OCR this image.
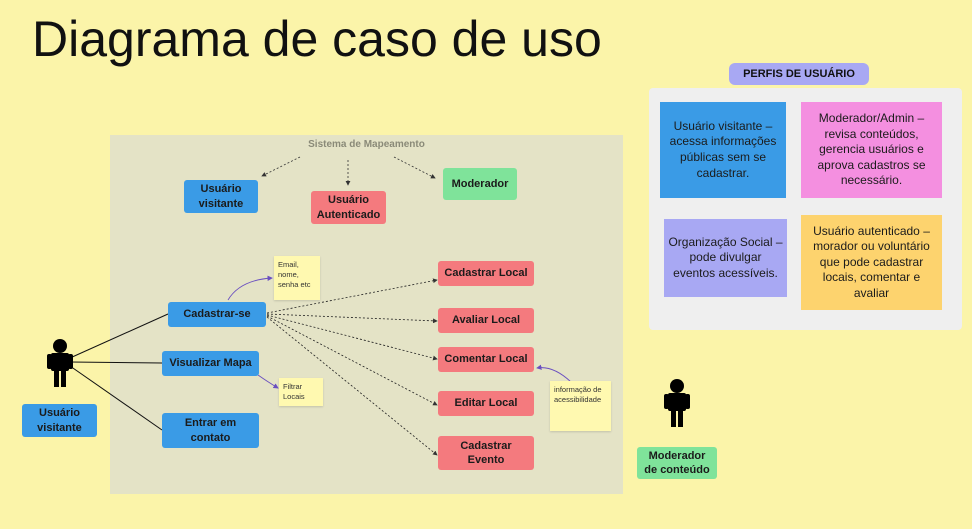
Diagrama de caso de uso
Sistema de Mapeamento
Usuário visitante	Usuário Autenticado
Moderador
Cadastrar-se
Visualizar Mapa
Entrar em contato
Cadastrar Local
Avaliar Local
Comentar Local
Editar Local
Cadastrar Evento
Email, nome, senha etc
Filtrar Locais
informação de acessibilidade
Usuário visitante
Moderador de conteúdo
PERFIS DE USUÁRIO
Usuário visitante – acessa informações públicas sem se cadastrar.
Moderador/Admin – revisa conteúdos, gerencia usuários e aprova cadastros se necessário.
Organização Social – pode divulgar eventos acessíveis.
Usuário autenticado – morador ou voluntário que pode cadastrar locais, comentar e avaliar
